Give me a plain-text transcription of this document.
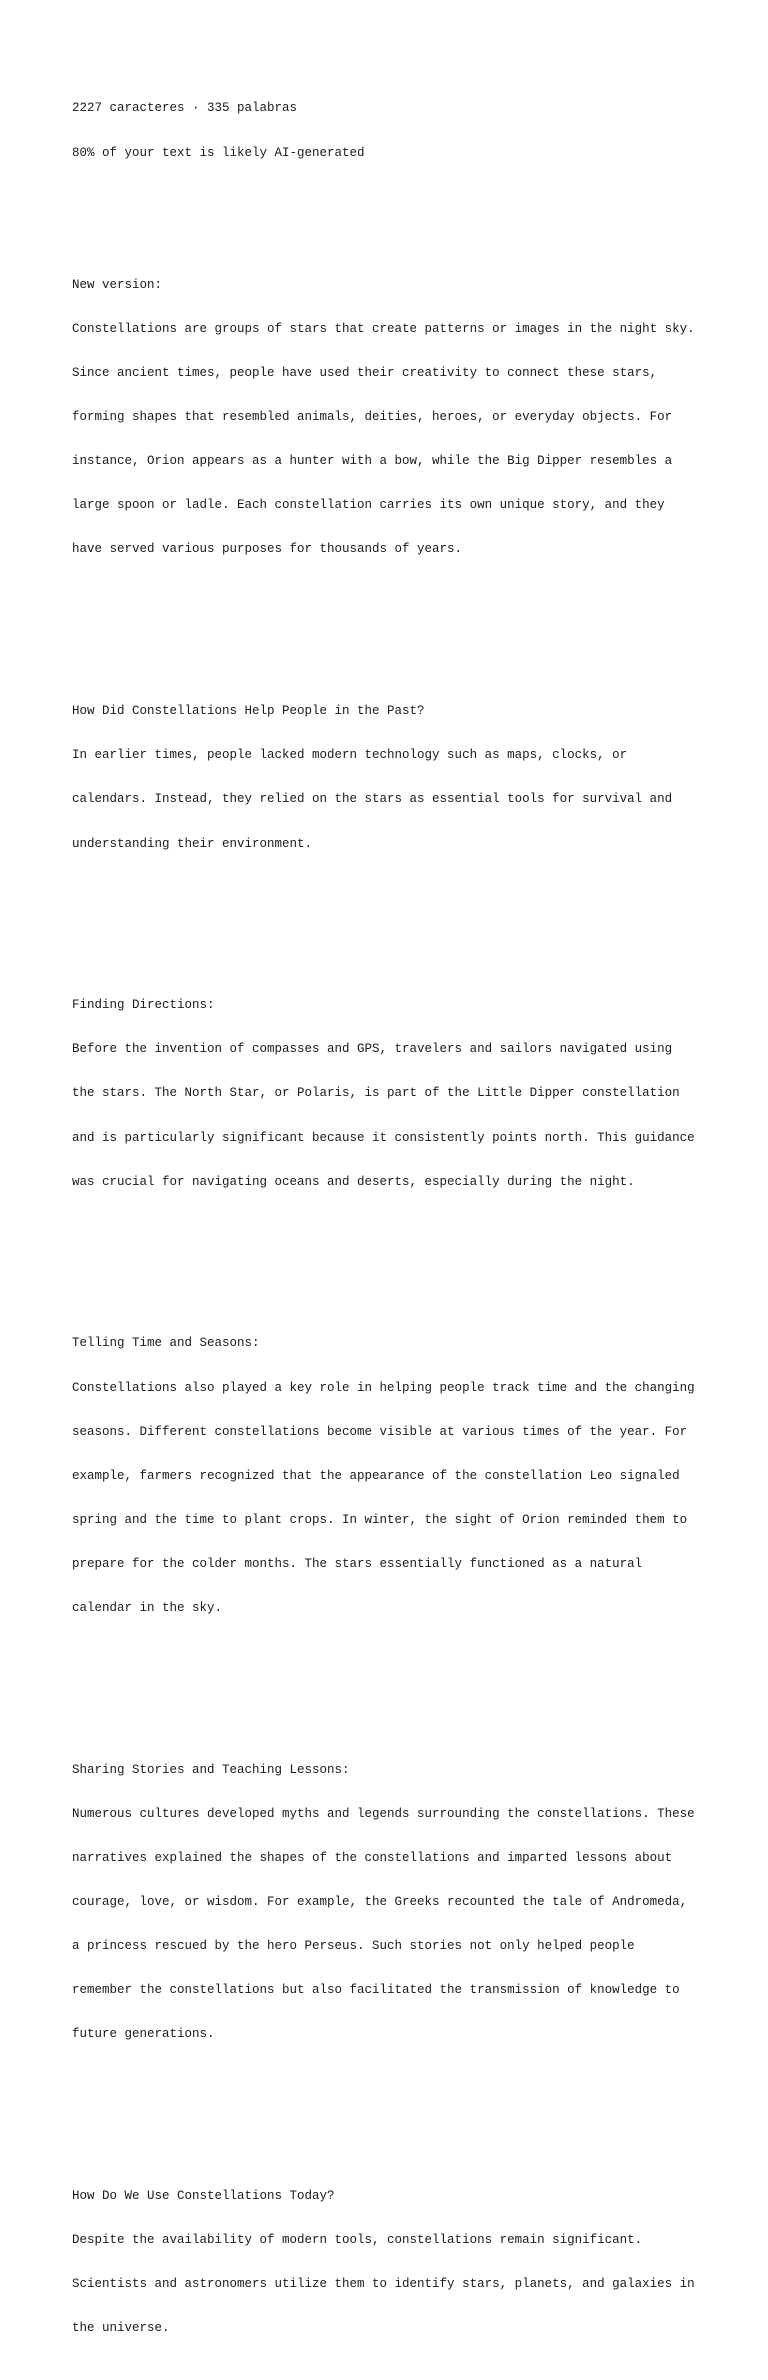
2227 caracteres · 335 palabras

80% of your text is likely AI-generated

New version:

Constellations are groups of stars that create patterns or images in the night sky.

Since ancient times, people have used their creativity to connect these stars,

forming shapes that resembled animals, deities, heroes, or everyday objects. For

instance, Orion appears as a hunter with a bow, while the Big Dipper resembles a

large spoon or ladle. Each constellation carries its own unique story, and they

have served various purposes for thousands of years.

How Did Constellations Help People in the Past?

In earlier times, people lacked modern technology such as maps, clocks, or

calendars. Instead, they relied on the stars as essential tools for survival and

understanding their environment.

Finding Directions:

Before the invention of compasses and GPS, travelers and sailors navigated using

the stars. The North Star, or Polaris, is part of the Little Dipper constellation

and is particularly significant because it consistently points north. This guidance

was crucial for navigating oceans and deserts, especially during the night.

Telling Time and Seasons:

Constellations also played a key role in helping people track time and the changing

seasons. Different constellations become visible at various times of the year. For

example, farmers recognized that the appearance of the constellation Leo signaled

spring and the time to plant crops. In winter, the sight of Orion reminded them to

prepare for the colder months. The stars essentially functioned as a natural

calendar in the sky.

Sharing Stories and Teaching Lessons:

Numerous cultures developed myths and legends surrounding the constellations. These

narratives explained the shapes of the constellations and imparted lessons about

courage, love, or wisdom. For example, the Greeks recounted the tale of Andromeda,

a princess rescued by the hero Perseus. Such stories not only helped people

remember the constellations but also facilitated the transmission of knowledge to

future generations.

How Do We Use Constellations Today?

Despite the availability of modern tools, constellations remain significant.

Scientists and astronomers utilize them to identify stars, planets, and galaxies in

the universe.
